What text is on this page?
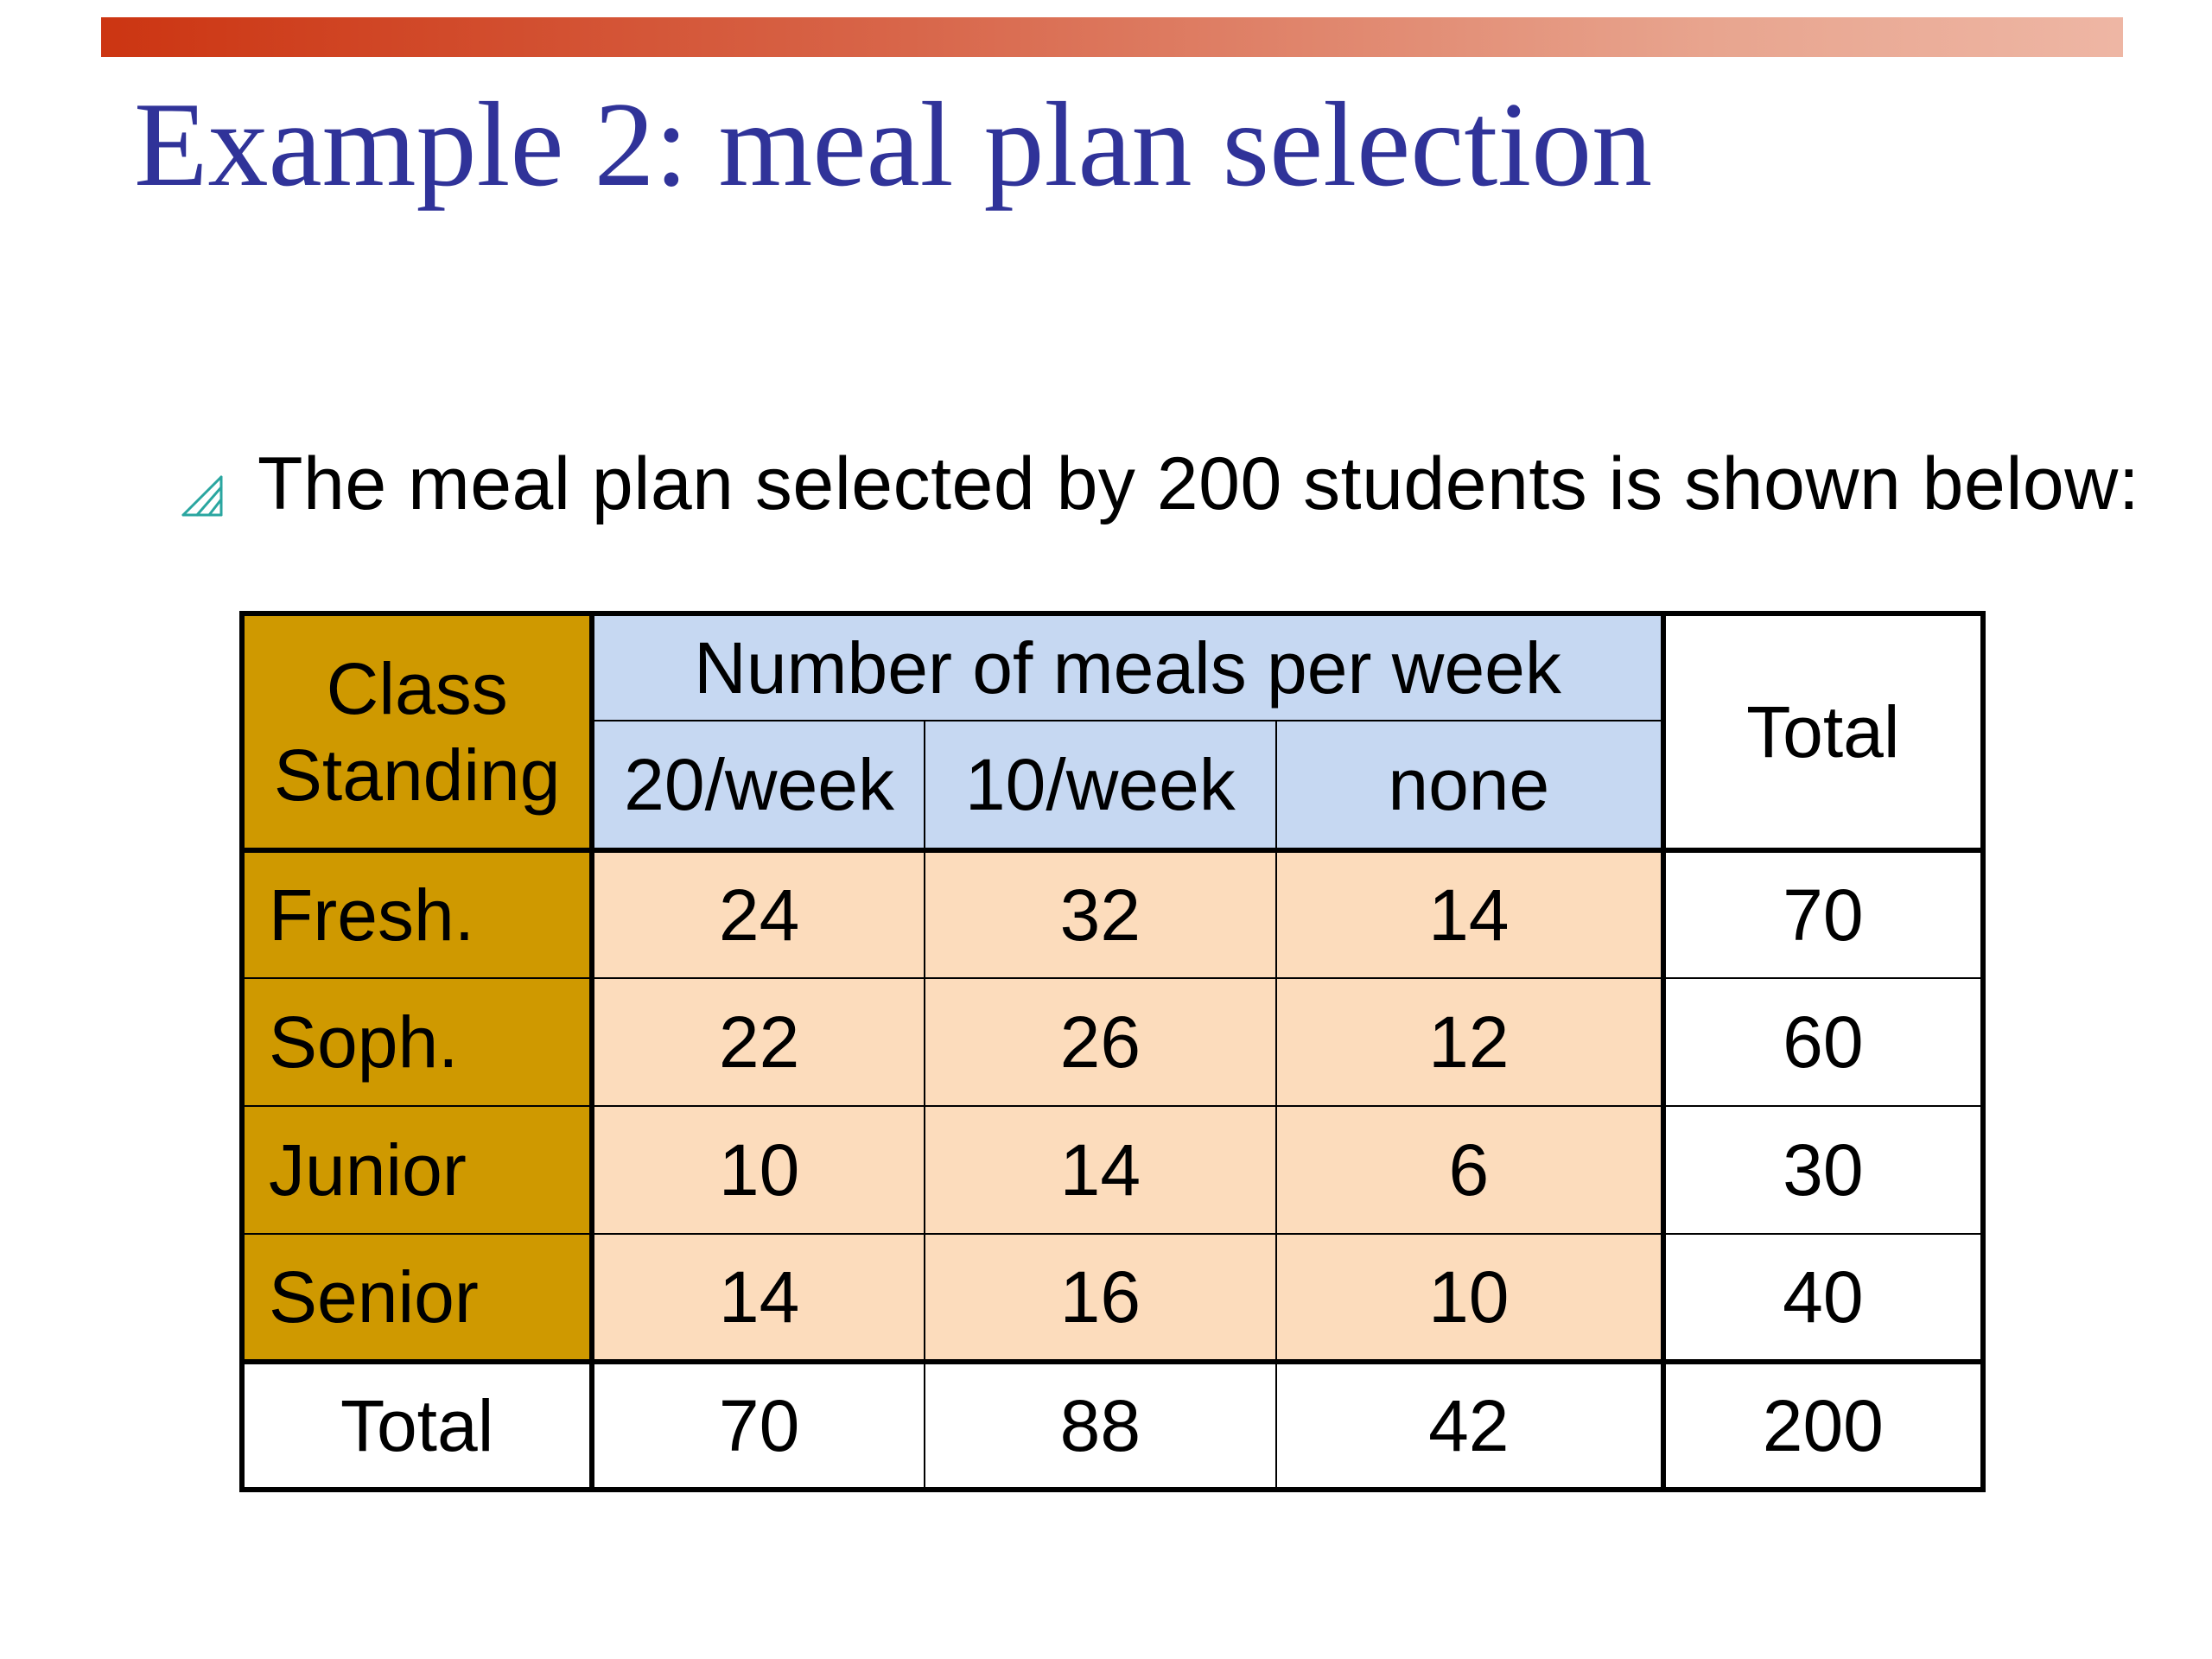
Example 2: meal plan selection
The meal plan selected by 200 students is shown below:
Class Standing	Number of meals per week			Total
	20/week	10/week	none	
Fresh.	24	32	14	70
Soph.	22	26	12	60
Junior	10	14	6	30
Senior	14	16	10	40
Total	70	88	42	200
